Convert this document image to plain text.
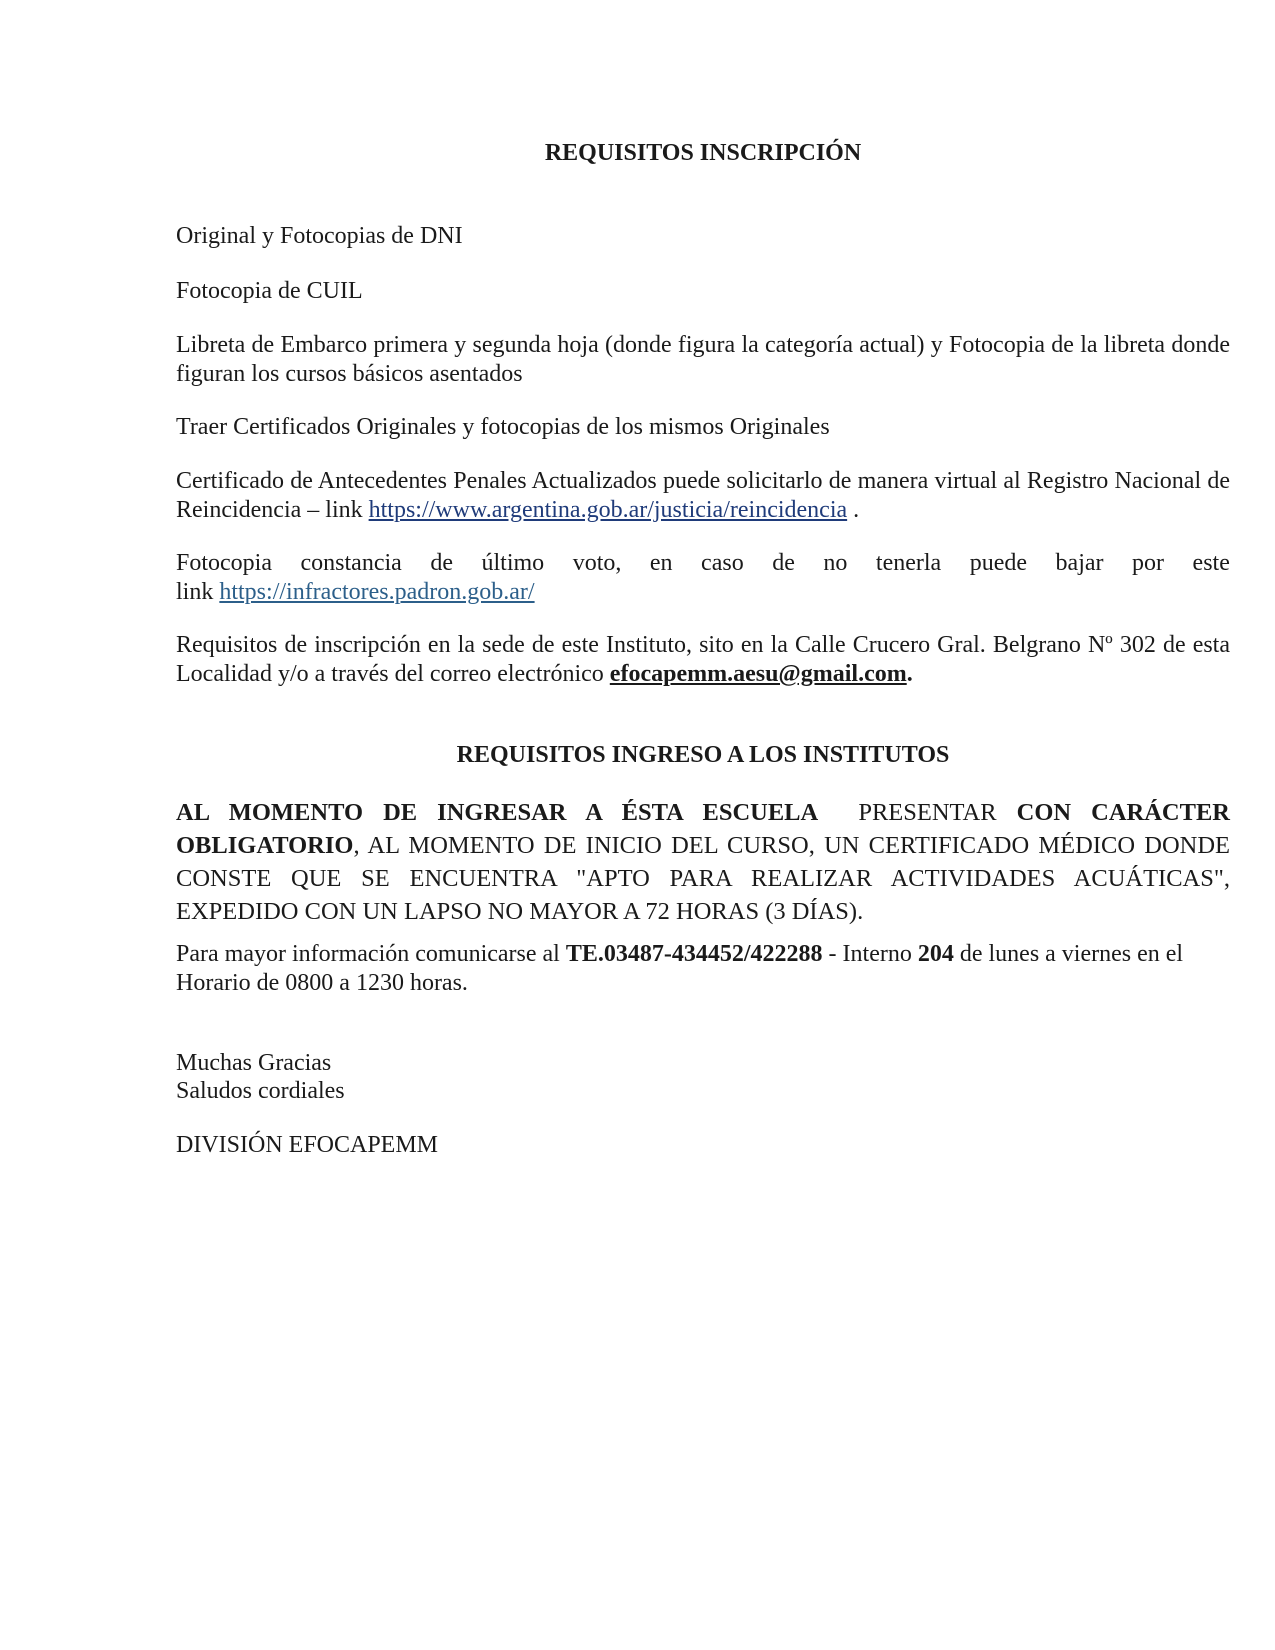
REQUISITOS INSCRIPCIÓN

Original y Fotocopias de DNI

Fotocopia de CUIL

Libreta de Embarco primera y segunda hoja (donde figura la categoría actual) y Fotocopia de la libreta donde figuran los cursos básicos asentados

Traer Certificados Originales y fotocopias de los mismos Originales

Certificado de Antecedentes Penales Actualizados puede solicitarlo de manera virtual al Registro Nacional de Reincidencia – link https://www.argentina.gob.ar/justicia/reincidencia .

Fotocopia constancia de último voto, en caso de no tenerla puede bajar por este
link https://infractores.padron.gob.ar/

Requisitos de inscripción en la sede de este Instituto, sito en la Calle Crucero Gral. Belgrano Nº 302 de esta Localidad y/o a través del correo electrónico efocapemm.aesu@gmail.com.

REQUISITOS INGRESO A LOS INSTITUTOS

AL MOMENTO DE INGRESAR A ÉSTA ESCUELA  PRESENTAR CON CARÁCTER OBLIGATORIO, AL MOMENTO DE INICIO DEL CURSO, UN CERTIFICADO MÉDICO DONDE CONSTE QUE SE ENCUENTRA "APTO PARA REALIZAR ACTIVIDADES ACUÁTICAS", EXPEDIDO CON UN LAPSO NO MAYOR A 72 HORAS (3 DÍAS).

Para mayor información comunicarse al TE.03487-434452/422288 - Interno 204 de lunes a viernes en el Horario de 0800 a 1230 horas.

Muchas Gracias

Saludos cordiales

DIVISIÓN EFOCAPEMM
